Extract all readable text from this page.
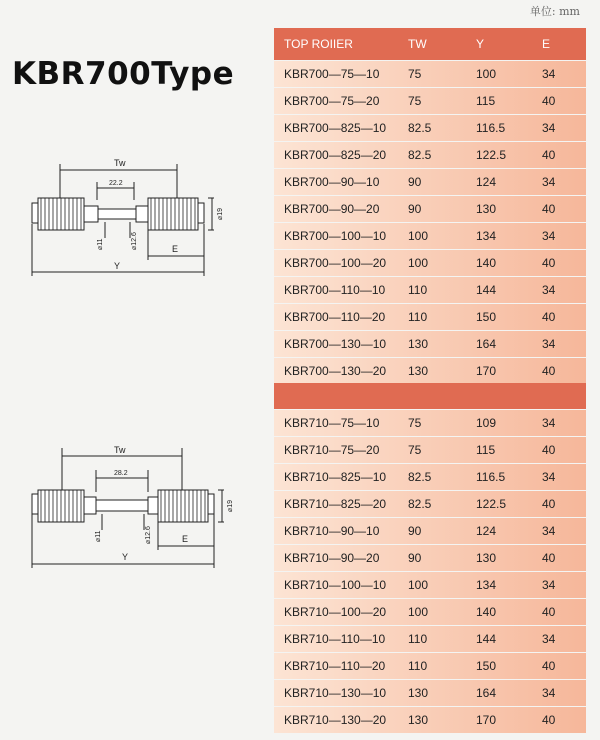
单位: mm
KBR700Type
Tw
22.2
⌀11	⌀12.6
⌀19
E
Y
Tw
28.2
⌀11	⌀12.6
⌀19
E
Y
TOP ROIIER	TW	Y	E
KBR700—75—10	75	100	34
KBR700—75—20	75	115	40
KBR700—825—10	82.5	116.5	34
KBR700—825—20	82.5	122.5	40
KBR700—90—10	90	124	34
KBR700—90—20	90	130	40
KBR700—100—10	100	134	34
KBR700—100—20	100	140	40
KBR700—110—10	110	144	34
KBR700—110—20	110	150	40
KBR700—130—10	130	164	34
KBR700—130—20	130	170	40
KBR710—75—10	75	109	34
KBR710—75—20	75	115	40
KBR710—825—10	82.5	116.5	34
KBR710—825—20	82.5	122.5	40
KBR710—90—10	90	124	34
KBR710—90—20	90	130	40
KBR710—100—10	100	134	34
KBR710—100—20	100	140	40
KBR710—110—10	110	144	34
KBR710—110—20	110	150	40
KBR710—130—10	130	164	34
KBR710—130—20	130	170	40
